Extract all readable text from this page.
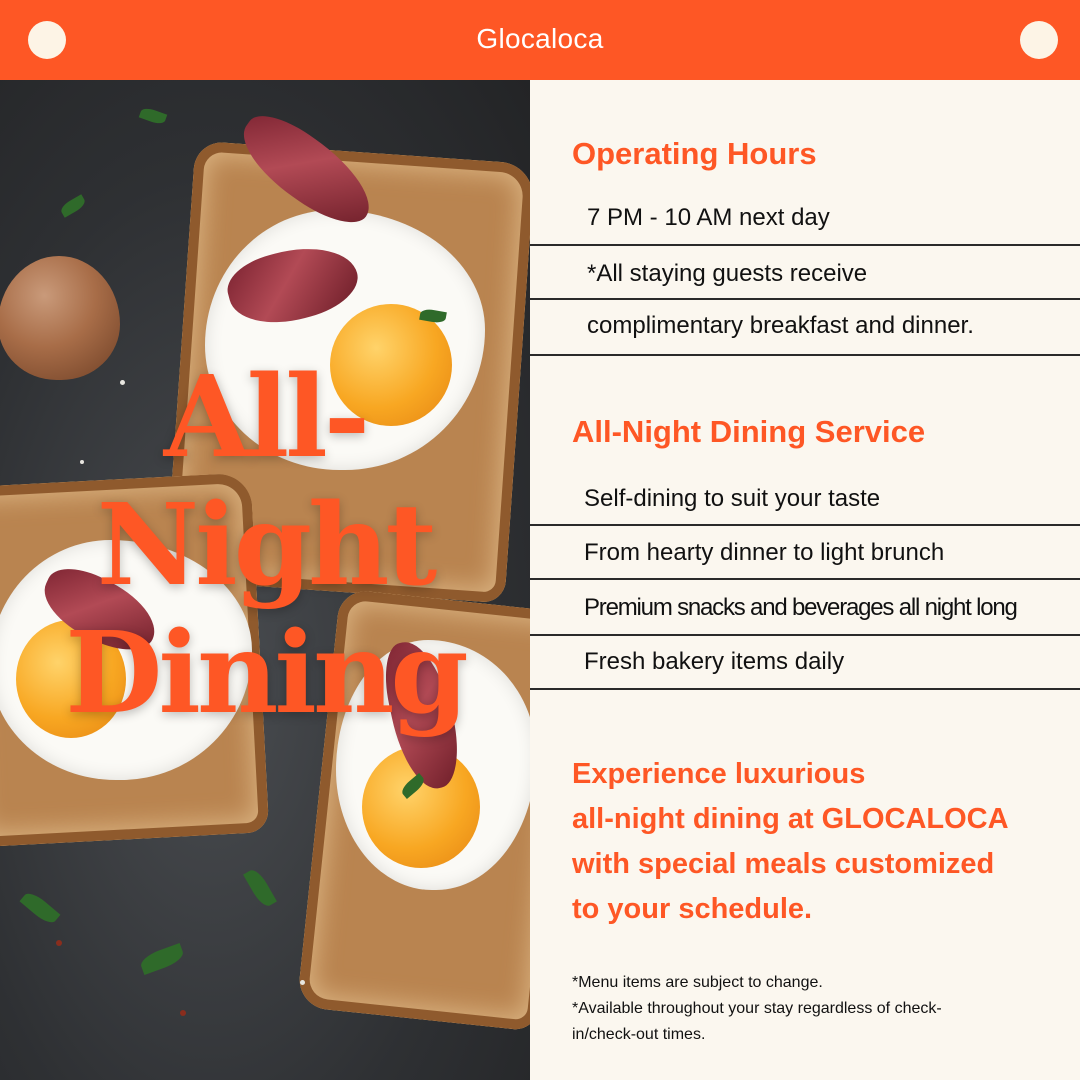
Glocaloca
All-
Night
Dining
Operating Hours
7 PM - 10 AM next day
*All staying guests receive
complimentary breakfast and dinner.
All-Night Dining Service
Self-dining to suit your taste
From hearty dinner to light brunch
Premium snacks and beverages all night long
Fresh bakery items daily

Experience luxurious
all-night dining at GLOCALOCA
with special meals customized
to your schedule.

*Menu items are subject to change.
*Available throughout your stay regardless of check-
in/check-out times.
